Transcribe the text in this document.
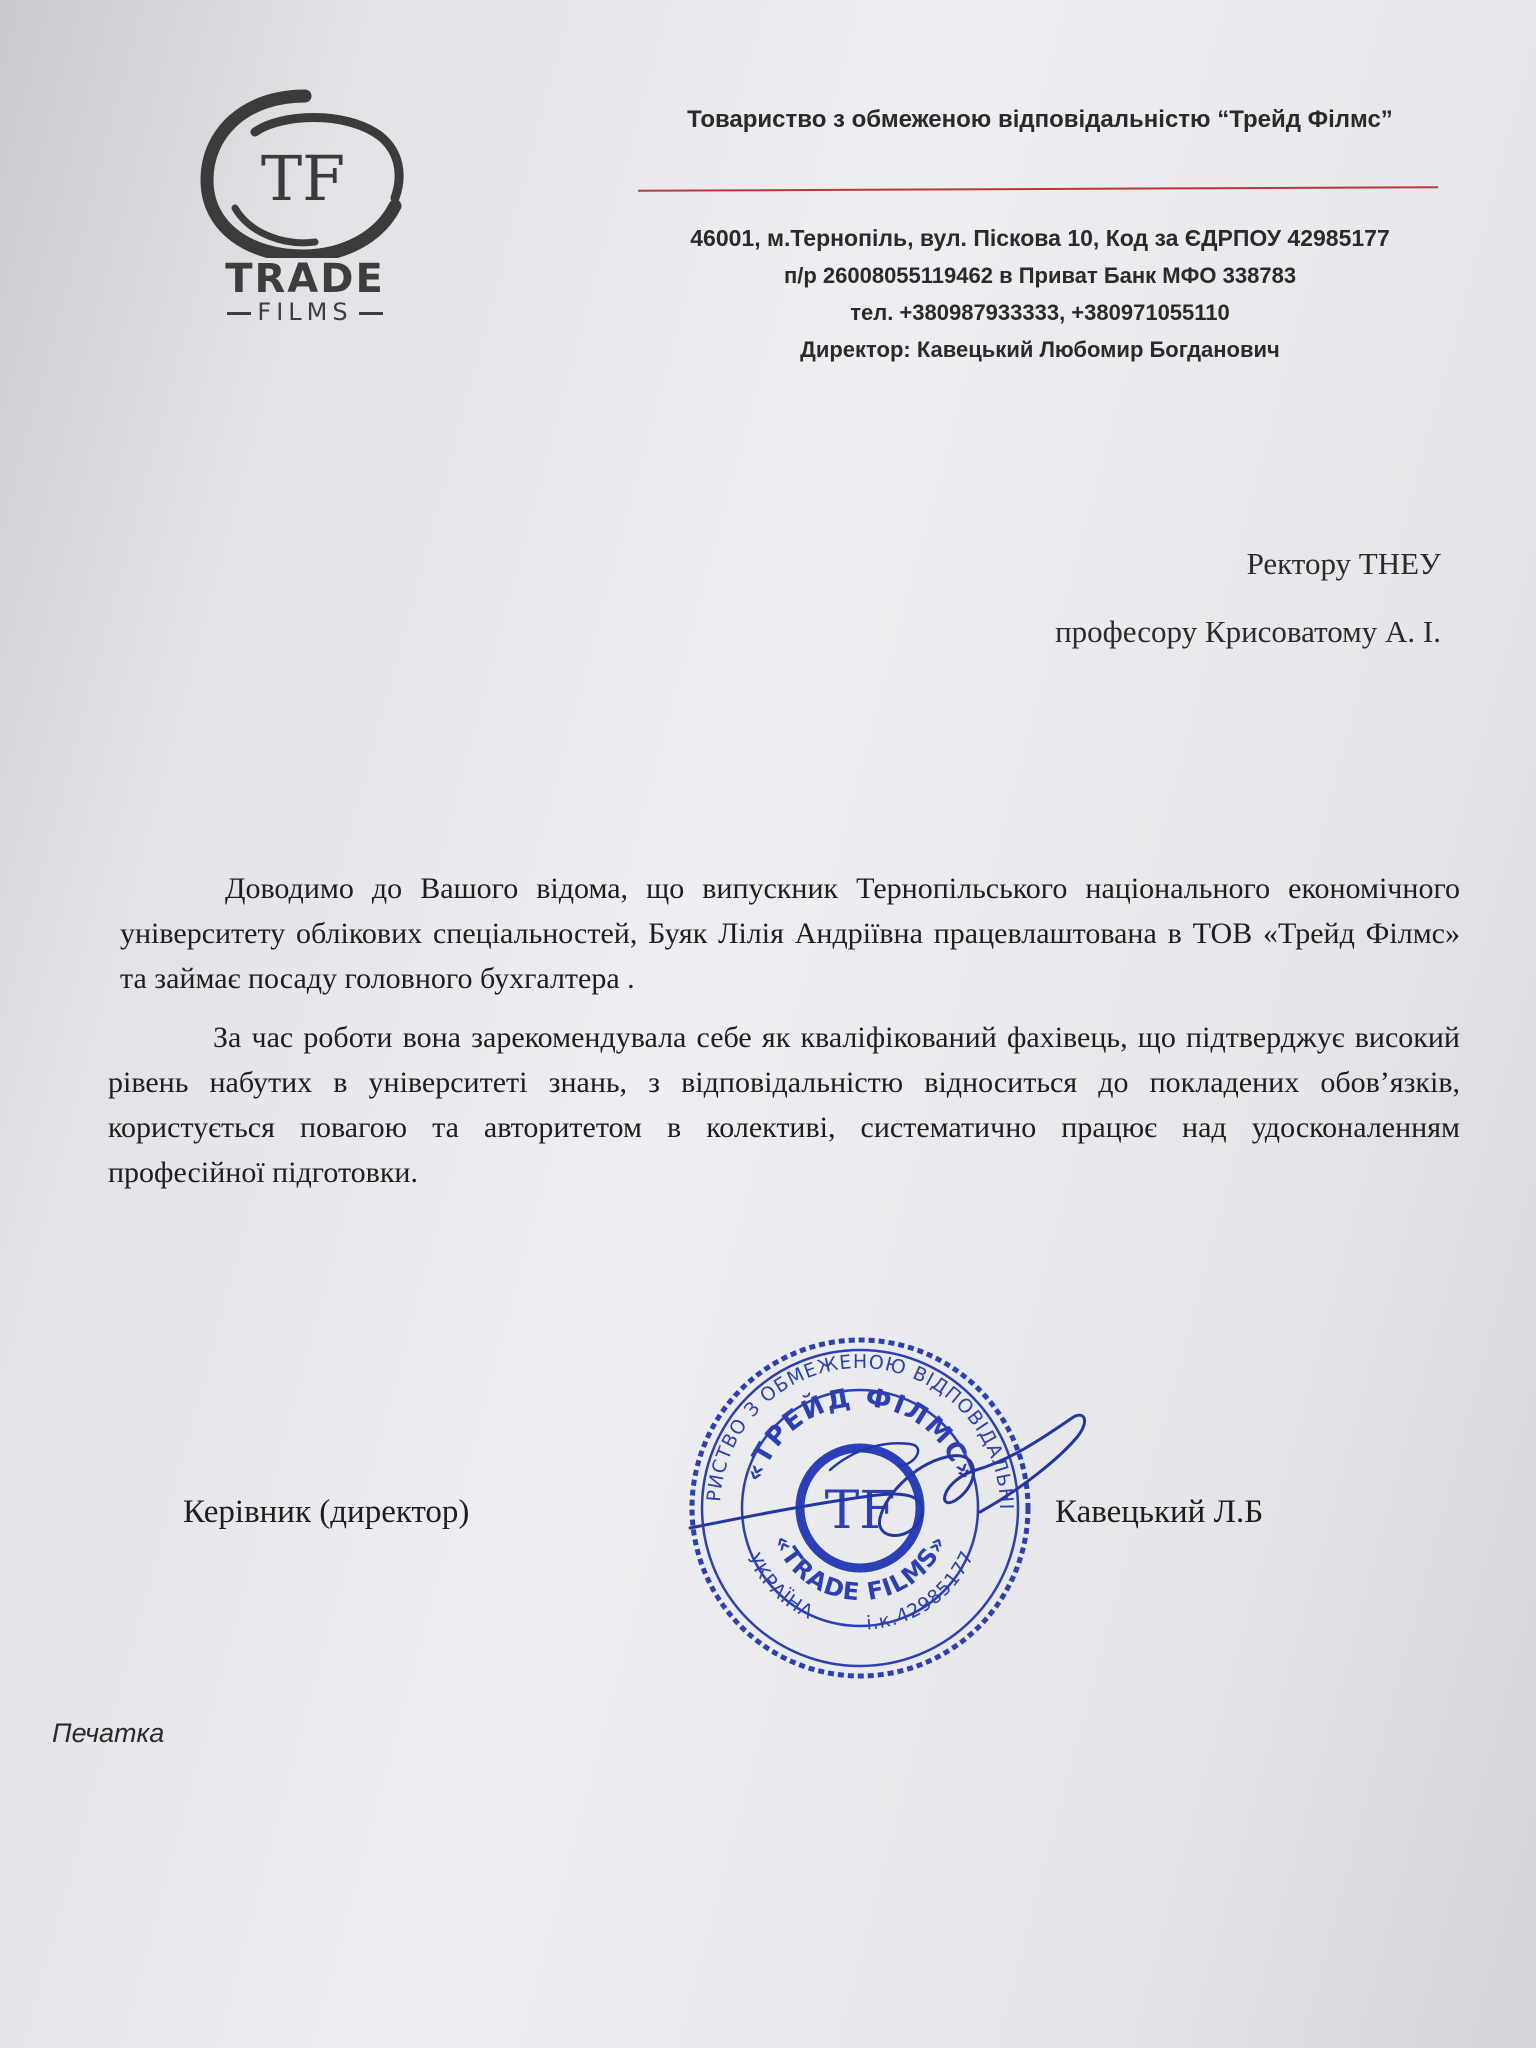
TF
TRADE
FILMS
Товариство з обмеженою відповідальністю “Трейд Філмс”
46001, м.Тернопіль, вул. Піскова 10, Код за ЄДРПОУ 42985177
п/р 26008055119462 в Приват Банк МФО 338783
тел. +380987933333, +380971055110
Директор: Кавецький Любомир Богданович
Ректору ТНЕУ
професору Крисоватому А. І.

Доводимо до Вашого відома, що випускник Тернопільського національного економічного університету облікових спеціальностей, Буяк Лілія Андріївна працевлаштована в ТОВ «Трейд Філмс» та займає посаду головного бухгалтера .

За час роботи вона зарекомендувала себе як кваліфікований фахівець, що підтверджує високий рівень набутих в університеті знань, з відповідальністю відноситься до покладених обов’язків, користується повагою та авторитетом в колективі, систематично працює над удосконаленням професійної підготовки.

Керівник (директор)	РИСТВО З ОБМЕЖЕНОЮ ВІДПОВІДАЛЬНІ
«ТРЕЙД ФІЛМС»
«TRADE FILMS»
УКРАЇНА	і.к.42985177
TF	Кавецький Л.Б
Печатка
